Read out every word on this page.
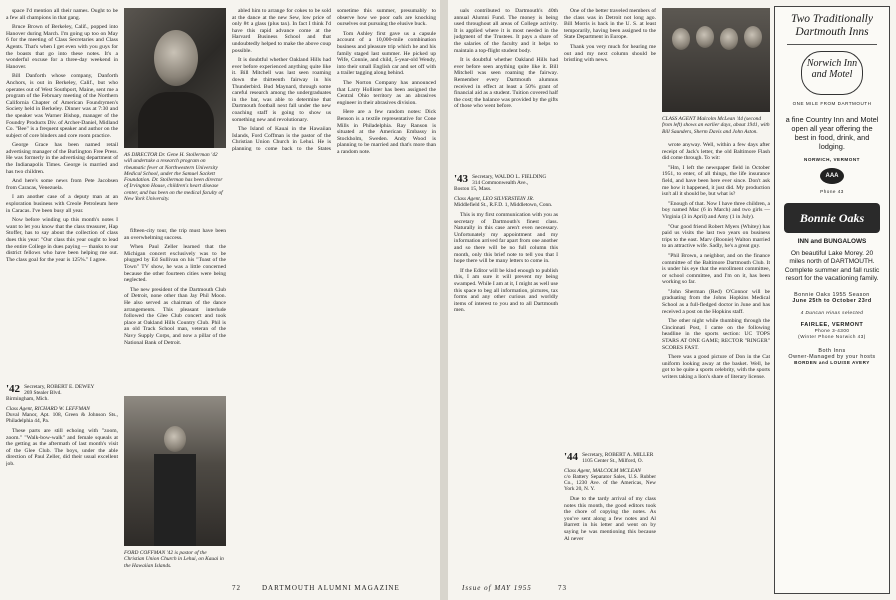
space I'd mention all their names. Ought to be a few all champions in that gang.

Bruce Brown of Berkeley, Calif., popped into Hanover during March. I'm going up too on May 6 for the meeting of Class Secretaries and Class Agents. That's when I get even with you guys for the boasts that go into these notes. It's a wonderful excuse for a three-day weekend in Hanover.

Bill Danforth whose company, Danforth Anchors, is out in Berkeley, Calif., but who operates out of West Southport, Maine, sent me a program of the February meeting of the Northern California Chapter of American Foundrymen's Society held in Berkeley. Dinner was at 7:30 and the speaker was Warner Bishop, manager of the Foundry Products Div. of Archer-Daniel, Midland Co. "Bee" is a frequent speaker and author on the subject of core binders and core room practice.

George Grace has been named retail advertising manager of the Burlington Free Press. He was formerly in the advertising department of the Indianapolis Times. George is married and has two children.

And here's some news from Pete Jacobsen from Caracas, Venezuela.

I am another case of a deputy man at an exploration business with Creole Petroleum here in Caracas. I've been busy all year.

Now before winding up this month's notes I want to let you know that the class treasurer, Hap Stoffer, has to say about the collection of class dues this year: "Our class this year ought to lead the entire College in dues paying — thanks to our district fellows who have been helping me out. The class goal for the year is 125%." I agree.

'42 Secretary, ROBERT E. DEWEY
269 Stealer Blvd.
Birmingham, Mich.
Class Agent, RICHARD W. LEFFMAN
Duval Manor, Apt. 108, Green & Johnson Sts., Philadelphia 44, Pa.

These parts are still echoing with "zoom, zoom." "Walk-bow-walk" and female squeals at the getting as the aftermath of last month's visit of the Glee Club. The boys, under the able direction of Paul Zeller, did their usual excellent job.

AS DIRECTOR Dr. Gene H. Stollerman '42 will undertake a research program on rheumatic fever at Northwestern University Medical School, under the Samuel Sackett Foundation. Dr. Stollerman has been director of Irvington House, children's heart disease center, and has been on the medical faculty of New York University.

fifteen-city tour, the trip must have been an overwhelming success.

When Paul Zeller learned that the Michigan concert exclusively was to be plugged by Ed Sullivan on his "Toast of the Town" TV show, he was a little concerned because the other fourteen cities were being neglected.

The new president of the Dartmouth Club of Detroit, none other than Jay Phil Moon. He also served as chairman of the dance arrangements. This pleasant interlude followed the Glee Club concert and took place at Oakland Hills Country Club. Phil is an old Track School man, veteran of the Navy Supply Corps, and now a pillar of the National Bank of Detroit.

FORD COFFMAN '42 is pastor of the Christian Union Church in Lehui, on Kauai in the Hawaiian Islands.

abled him to arrange for cokes to be sold at the dance at the new Sew, low price of only 8¢ a glass (plus tax). In fact I think I'd have this rapid advance come at the Harvard Business School and that undoubtedly helped to make the above coup possible.

It is doubtful whether Oakland Hills had ever before experienced anything quite like it. Bill Mitchell was last seen roaming down the thirteenth fairway in his Thunderbird. Bud Maynard, through some careful research among the undergraduates in the bar, was able to determine that Dartmouth football next fall under the new coaching staff is going to show us something new and revolutionary.

The Island of Kauai in the Hawaiian Islands, Ford Coffman is the pastor of the Christian Union Church in Lehui. He is planning to come back to the States sometime this summer, presumably to observe how we poor oafs are knocking ourselves out pursuing the elusive buck.

Tom Ashley first gave us a capsule account of a 10,000-mile combination business and pleasure trip which he and his family staged last summer. He picked up Wife, Connie, and child, 5-year-old Wendy, into their small English car and set off with a trailer tagging along behind.

The Norton Company has announced that Larry Hollister has been assigned the Central Ohio territory as an abrasives engineer in their abrasives division.

Here are a few random notes: Dick Benson is a textile representative for Cone Mills in Philadelphia. Ray Ranson is situated at the American Embassy in Stockholm, Sweden. Andy Wood is planning to be married and that's more than a random note.

72	DARTMOUTH ALUMNI MAGAZINE

uals contributed to Dartmouth's 40th annual Alumni Fund. The money is being used throughout all areas of College activity. It is applied where it is most needed in the judgment of the Trustees. It pays a share of the salaries of the faculty and it helps to maintain a top-flight student body.

It is doubtful whether Oakland Hills had ever before seen anything quite like it. Bill Mitchell was seen roaming the fairway. Remember every Dartmouth alumnus received in effect at least a 50% grant of financial aid as a student. Tuition covered half the cost; the balance was provided by the gifts of those who went before.

'43 Secretary, WALDO L. FIELDING
314 Commonwealth Ave.,
Boston 15, Mass.
Class Agent, LEO SILVERSTEIN JR.
Middlefield St., R.F.D. 1, Middletown, Conn.

This is my first communication with you as secretary of Dartmouth's finest class. Naturally in this case aren't even necessary. Unfortunately my appointment and my information arrived far apart from one another and so there will be no full column this month, only this brief note to tell you that I hope there will be many letters to come in.

If the Editor will be kind enough to publish this, I am sure it will prevent my being swamped. While I am at it, I might as well use this space to beg all information, pictures, tax forms and any other curious and worldly items of interest to you and to all Dartmouth men.

One of the better traveled members of the class was in Detroit not long ago. Bill Morris is back in the U. S. at least temporarily, having been assigned to the State Department in Europe.

Thank you very much for hearing me out and my next column should be bristling with news.

'44 Secretary, ROBERT A. MILLER
1105 Center St., Milford, O.
Class Agent, MALCOLM MCLEAN
c/o Battery Separator Sales, U.S. Rubber Co., 1230 Ave. of the Americas, New York 20, N. Y.

Due to the tardy arrival of my class notes this month, the good editors took the chore of copying the notes. As you've sent along a few notes and Al Barrett in his letter and went on by saying he was mentioning this because Al never

CLASS AGENT Malcolm McLean '44 (second from left) shows an earlier days, about 1941, with Bill Saunders, Sherm Davis and John Aston.

wrote anyway. Well, within a few days after receipt of Jack's letter, the old Baltimore Flash did come through. To wit:

"Hm, I left the newspaper field in October 1951, to enter, of all things, the life insurance field, and have been here ever since. Don't ask me how it happened, it just did. My production isn't all it should be, but what is?

"Enough of that. Now I have three children, a boy named Mac (6 in March) and two girls — Virginia (3 in April) and Amy (1 in July).

"Our good friend Robert Myers (Whitey) has paid us visits the last two years on business trips to the east. Marv (Boonie) Walton married to an attractive wife. Sadly, he's a great guy.

"Phil Brown, a neighbor, and on the finance committee of the Baltimore Dartmouth Club. It is under his eye that the enrollment committee, or school committee, and I'm on it, has been working so far.

"John Sherman (Red) O'Connor will be graduating from the Johns Hopkins Medical School as a full-fledged doctor in June and has received a post on the Hopkins staff.

The other night while thumbing through the Cincinnati Post, I came on the following headline in the sports section: UC TOPS STARS AT ONE GAME; RECTOR "RINGER" SCORES FAST.

There was a good picture of Don in the Cat uniform looking away at the basket. Well, he got to be quite a sports celebrity, with the sports writers taking a lion's share of literary license.

Issue of MAY 1955	73
Two Traditionally
Dartmouth Inns
Norwich Inn
and Motel
ONE MILE FROM DARTMOUTH
a fine Country Inn and Motel open all year offering the best in food, drink, and lodging.
NORWICH, VERMONT
AAA
Phone 43
Bonnie Oaks
INN and BUNGALOWS
On beautiful Lake Morey. 20 miles north of DARTMOUTH. Complete summer and fall rustic resort for the vacationing family.
Bonnie Oaks 1955 Season
June 25th to October 23rd
4 Duncan Hinas selected
FAIRLEE, VERMONT
Phone 3-4300
(Winter Phone Norwich 43)
Both Inns
Owner-Managed by your hosts
BORDEN and LOUISE AVERY
